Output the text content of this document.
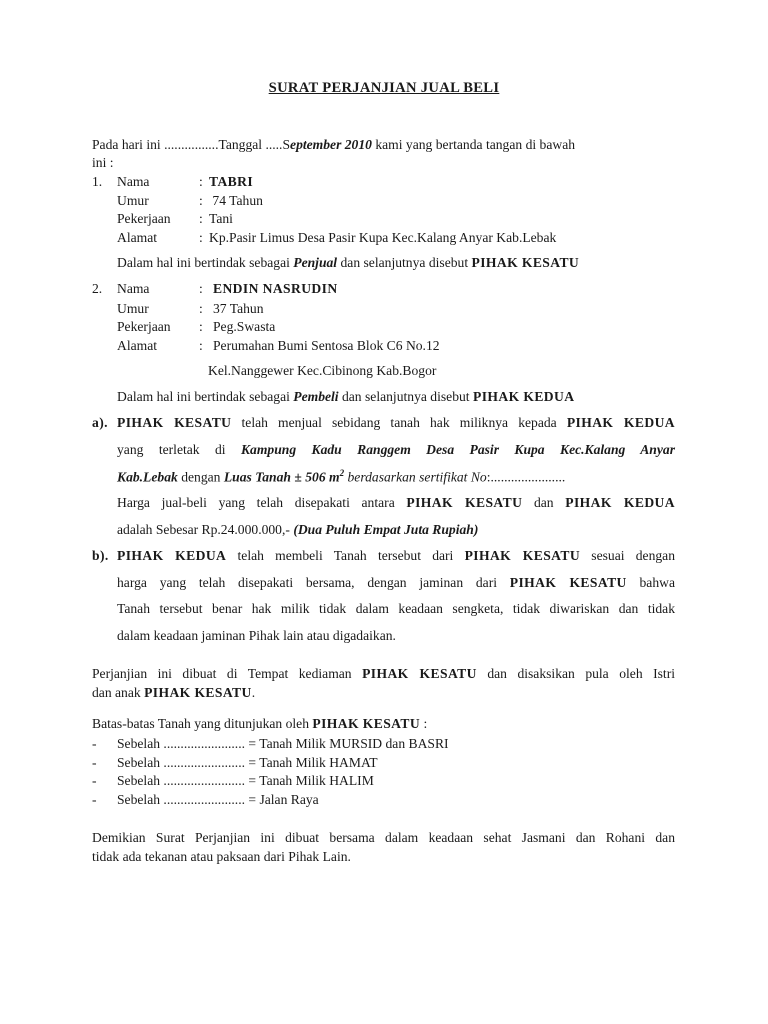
SURAT PERJANJIAN JUAL BELI
Pada hari ini ................Tanggal .....September 2010 kami yang bertanda tangan di bawah
ini :
1. Nama	: TABRI
Umur	: 74 Tahun
Pekerjaan : Tani
Alamat	: Kp.Pasir Limus Desa Pasir Kupa Kec.Kalang Anyar Kab.Lebak
Dalam hal ini bertindak sebagai Penjual dan selanjutnya disebut PIHAK KESATU
2. Nama	: ENDIN NASRUDIN
Umur	: 37 Tahun
Pekerjaan : Peg.Swasta
Alamat	: Perumahan Bumi Sentosa Blok C6 No.12
Kel.Nanggewer Kec.Cibinong Kab.Bogor
Dalam hal ini bertindak sebagai Pembeli dan selanjutnya disebut PIHAK KEDUA
a). PIHAK KESATU telah menjual sebidang tanah hak miliknya kepada PIHAK KEDUA
yang terletak di Kampung Kadu Ranggem Desa Pasir Kupa Kec.Kalang Anyar
Kab.Lebak dengan Luas Tanah ± 506 $m^2$ berdasarkan sertifikat No:......................
Harga jual-beli yang telah disepakati antara PIHAK KESATU dan PIHAK KEDUA
adalah Sebesar Rp.24.000.000,- (Dua Puluh Empat Juta Rupiah)
b). PIHAK KEDUA telah membeli Tanah tersebut dari PIHAK KESATU sesuai dengan
harga yang telah disepakati bersama, dengan jaminan dari PIHAK KESATU bahwa
Tanah tersebut benar hak milik tidak dalam keadaan sengketa, tidak diwariskan dan tidak
dalam keadaan jaminan Pihak lain atau digadaikan.
Perjanjian ini dibuat di Tempat kediaman PIHAK KESATU dan disaksikan pula oleh Istri
dan anak PIHAK KESATU.
Batas-batas Tanah yang ditunjukan oleh PIHAK KESATU :
- Sebelah ........................ = Tanah Milik MURSID dan BASRI
- Sebelah ........................ = Tanah Milik HAMAT
- Sebelah ........................ = Tanah Milik HALIM
- Sebelah ........................ = Jalan Raya
Demikian Surat Perjanjian ini dibuat bersama dalam keadaan sehat Jasmani dan Rohani dan
tidak ada tekanan atau paksaan dari Pihak Lain.
